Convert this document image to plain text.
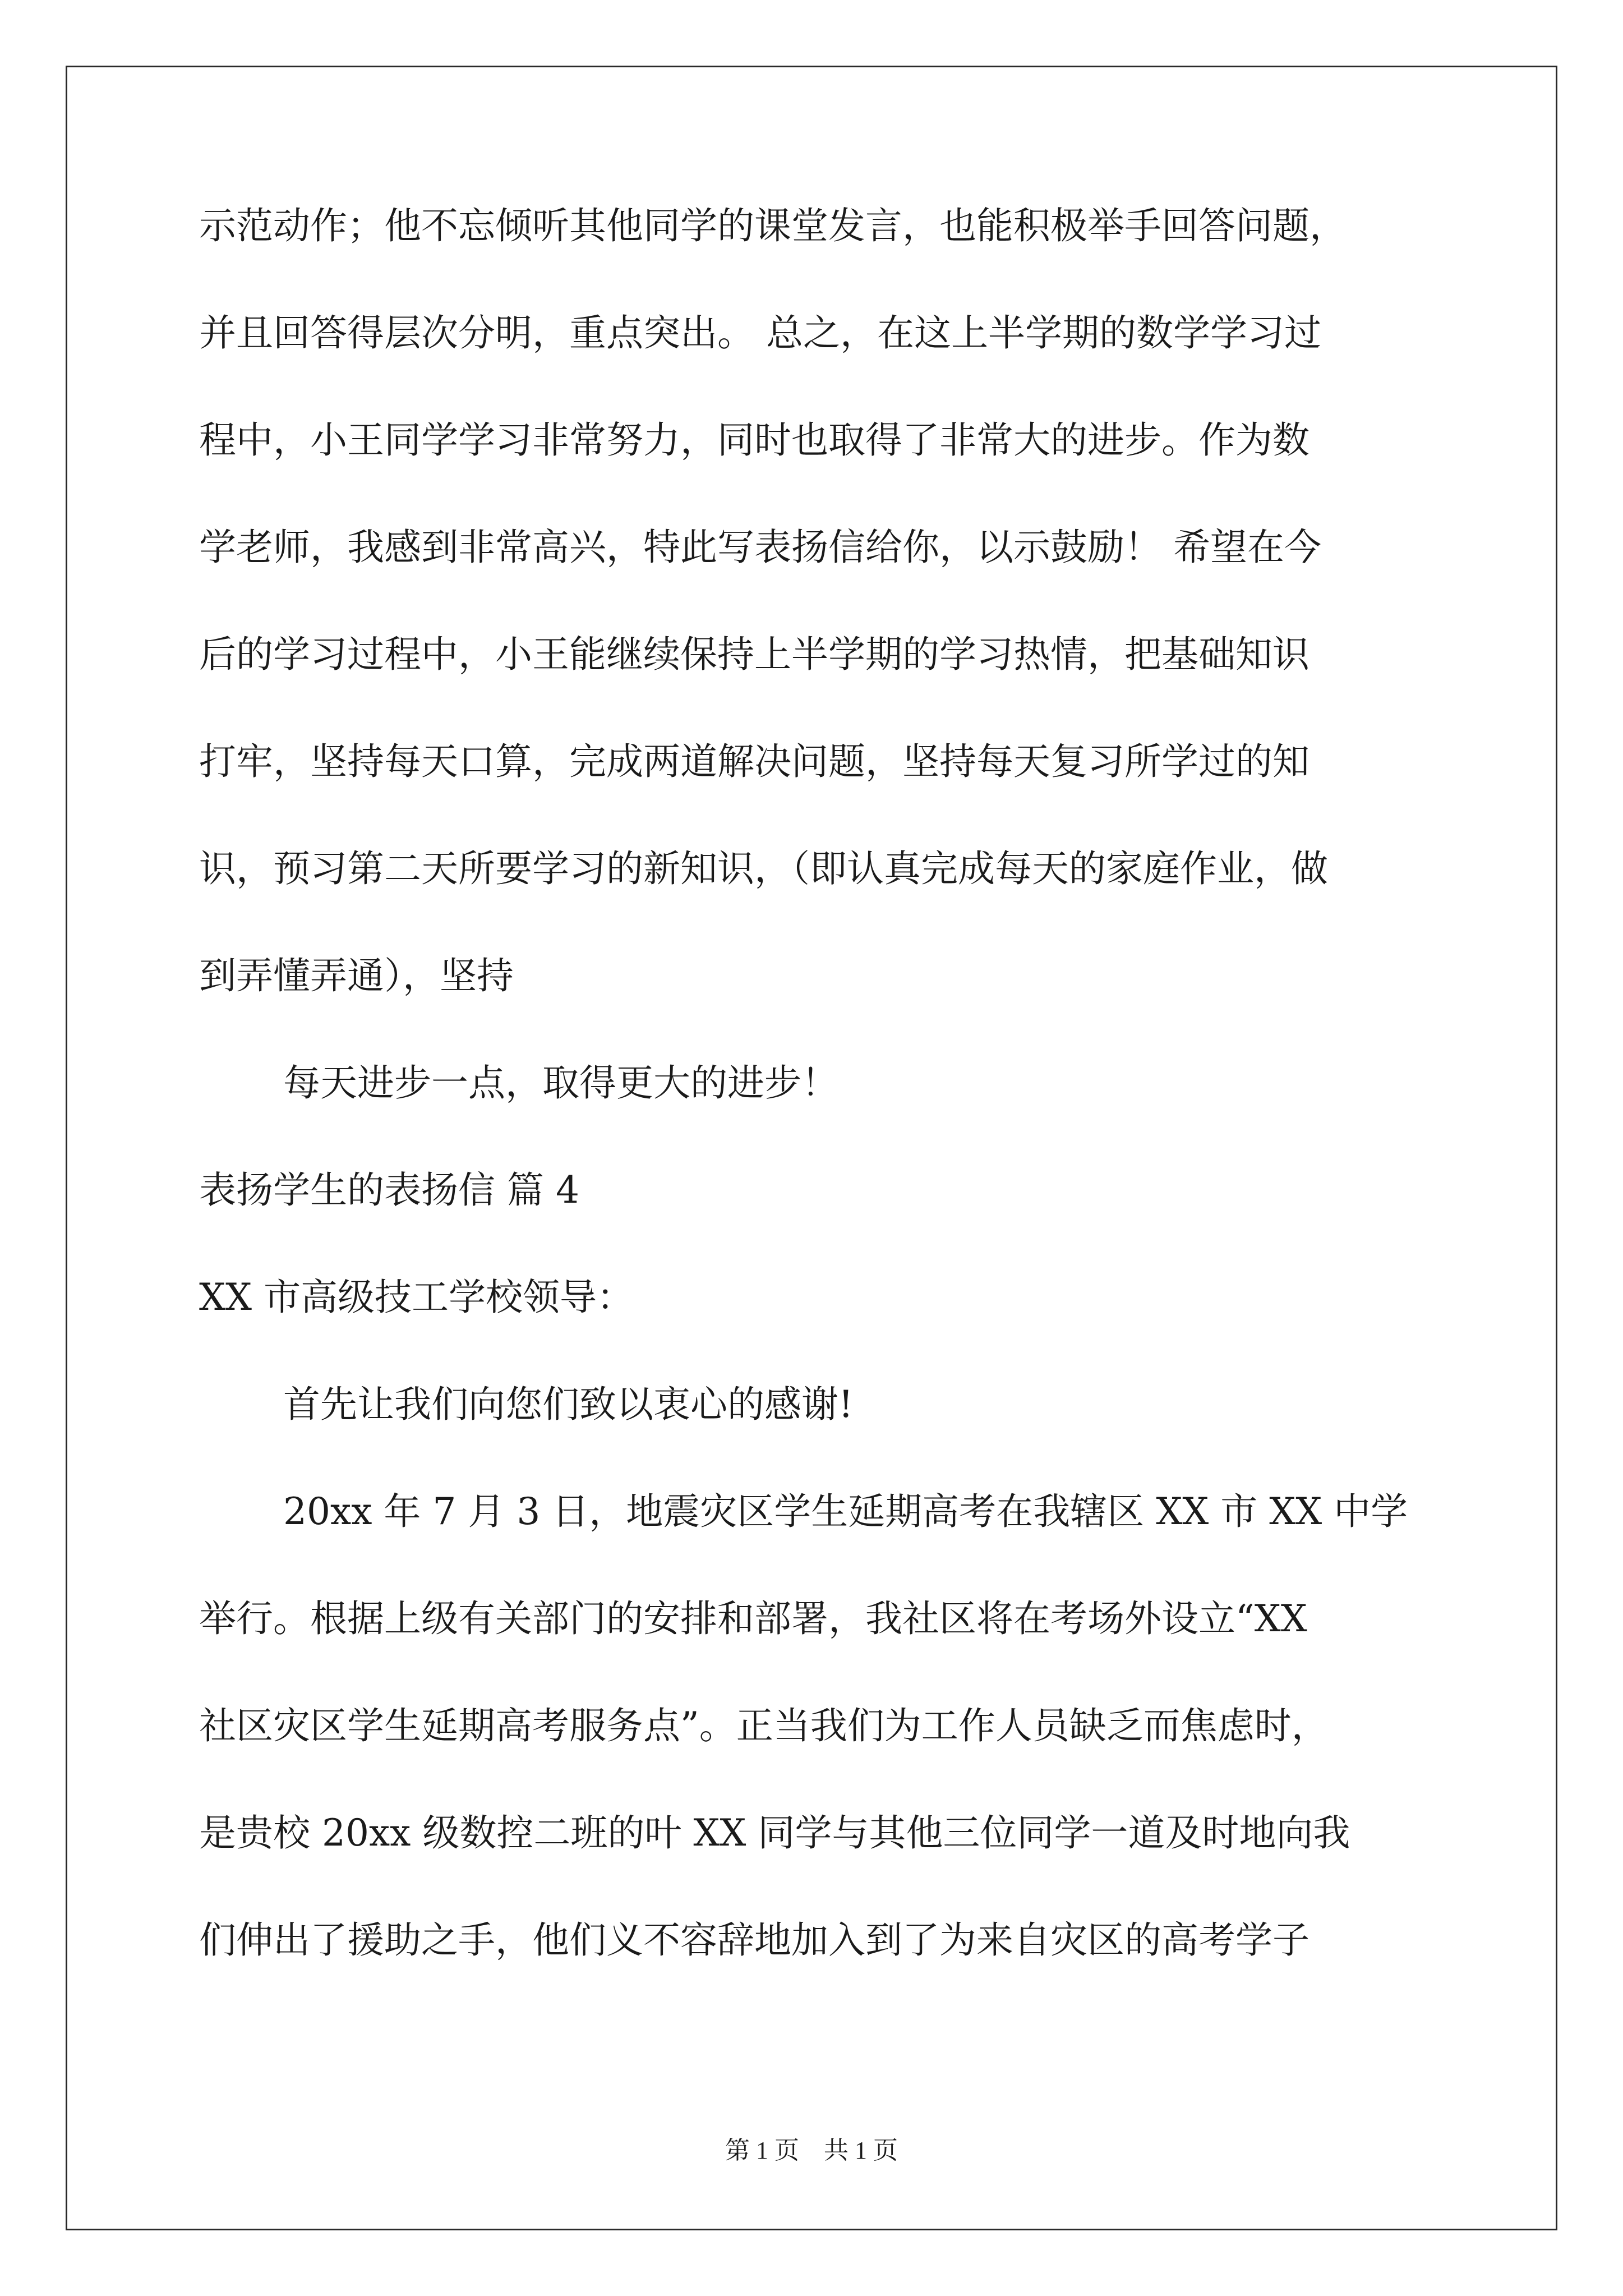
示范动作；他不忘倾听其他同学的课堂发言，也能积极举手回答问题，
并且回答得层次分明，重点突出。 总之，在这上半学期的数学学习过
程中，小王同学学习非常努力，同时也取得了非常大的进步。作为数
学老师，我感到非常高兴，特此写表扬信给你，以示鼓励！ 希望在今
后的学习过程中，小王能继续保持上半学期的学习热情，把基础知识
打牢，坚持每天口算，完成两道解决问题，坚持每天复习所学过的知
识，预习第二天所要学习的新知识，（即认真完成每天的家庭作业，做
到弄懂弄通），坚持
每天进步一点，取得更大的进步！
表扬学生的表扬信 篇 4
XX 市高级技工学校领导：
首先让我们向您们致以衷心的感谢!
20xx 年 7 月 3 日，地震灾区学生延期高考在我辖区 XX 市 XX 中学
举行。根据上级有关部门的安排和部署，我社区将在考场外设立“XX
社区灾区学生延期高考服务点”。正当我们为工作人员缺乏而焦虑时，
是贵校 20xx 级数控二班的叶 XX 同学与其他三位同学一道及时地向我
们伸出了援助之手，他们义不容辞地加入到了为来自灾区的高考学子
第 1 页　共 1 页
